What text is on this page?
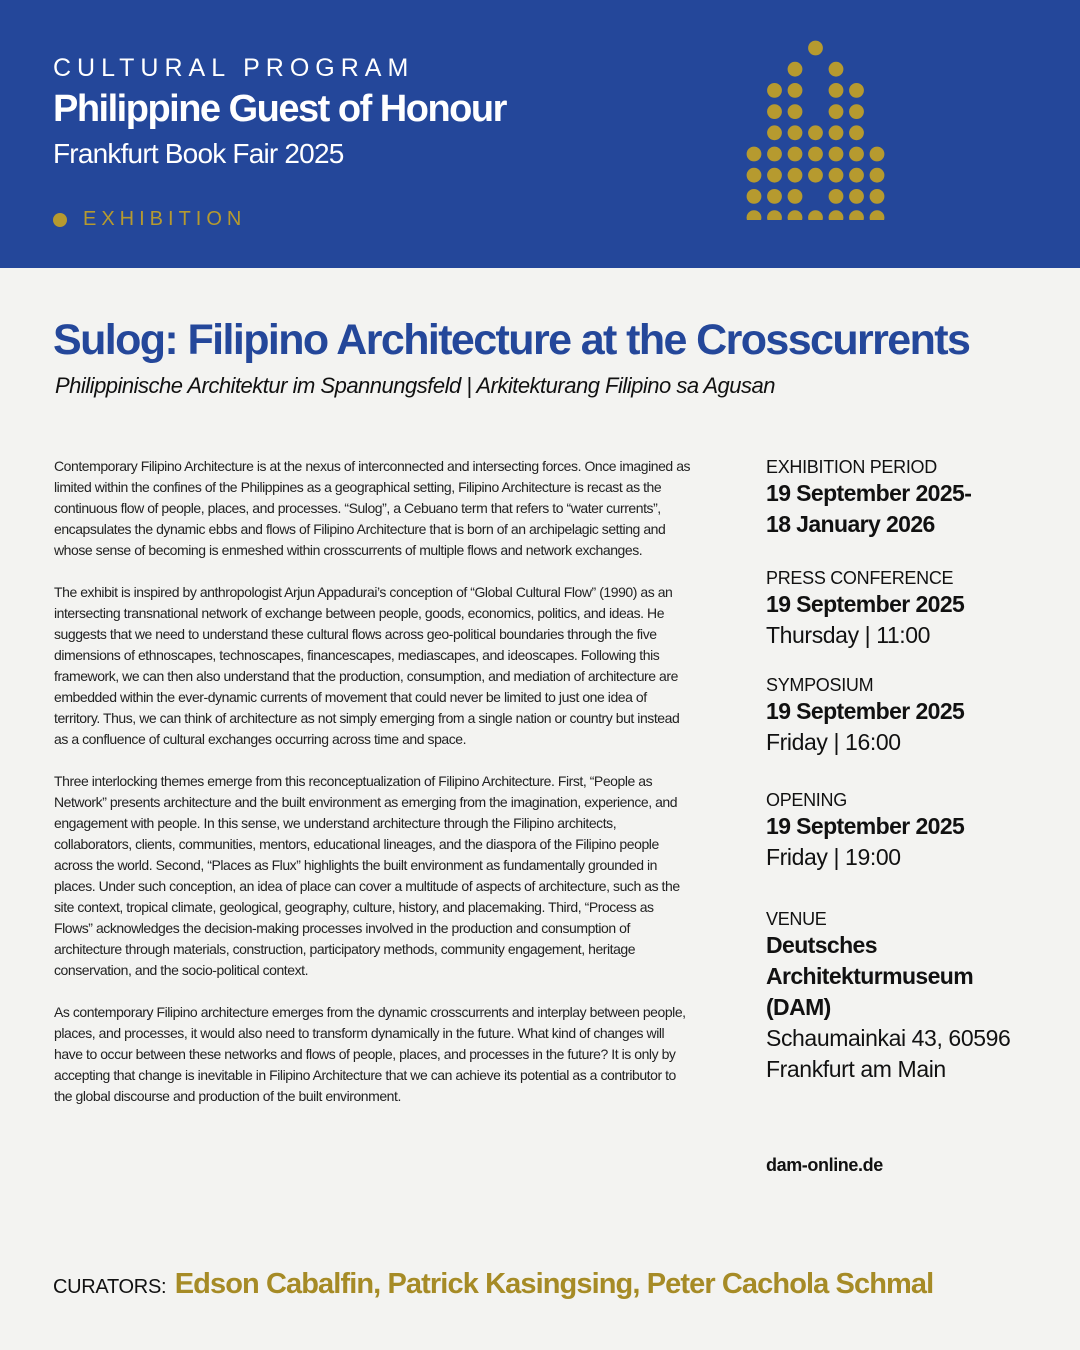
CULTURAL PROGRAM
Philippine Guest of Honour
Frankfurt Book Fair 2025
EXHIBITION
Sulog: Filipino Architecture at the Crosscurrents
Philippinische Architektur im Spannungsfeld | Arkitekturang Filipino sa Agusan

Contemporary Filipino Architecture is at the nexus of interconnected and intersecting forces. Once imagined as limited within the confines of the Philippines as a geographical setting, Filipino Architecture is recast as the continuous flow of people, places, and processes. “Sulog”, a Cebuano term that refers to “water currents”, encapsulates the dynamic ebbs and flows of Filipino Architecture that is born of an archipelagic setting and whose sense of becoming is enmeshed within crosscurrents of multiple flows and network exchanges.

The exhibit is inspired by anthropologist Arjun Appadurai’s conception of “Global Cultural Flow” (1990) as an intersecting transnational network of exchange between people, goods, economics, politics, and ideas. He suggests that we need to understand these cultural flows across geo-political boundaries through the five dimensions of ethnoscapes, technoscapes, financescapes, mediascapes, and ideoscapes. Following this framework, we can then also understand that the production, consumption, and mediation of architecture are embedded within the ever-dynamic currents of movement that could never be limited to just one idea of territory. Thus, we can think of architecture as not simply emerging from a single nation or country but instead as a confluence of cultural exchanges occurring across time and space.

Three interlocking themes emerge from this reconceptualization of Filipino Architecture. First, “People as Network” presents architecture and the built environment as emerging from the imagination, experience, and engagement with people. In this sense, we understand architecture through the Filipino architects, collaborators, clients, communities, mentors, educational lineages, and the diaspora of the Filipino people across the world. Second, “Places as Flux” highlights the built environment as fundamentally grounded in places. Under such conception, an idea of place can cover a multitude of aspects of architecture, such as the site context, tropical climate, geological, geography, culture, history, and placemaking. Third, “Process as Flows” acknowledges the decision-making processes involved in the production and consumption of architecture through materials, construction, participatory methods, community engagement, heritage conservation, and the socio-political context.

As contemporary Filipino architecture emerges from the dynamic crosscurrents and interplay between people, places, and processes, it would also need to transform dynamically in the future. What kind of changes will have to occur between these networks and flows of people, places, and processes in the future? It is only by accepting that change is inevitable in Filipino Architecture that we can achieve its potential as a contributor to the global discourse and production of the built environment.

EXHIBITION PERIOD
19 September 2025-
18 January 2026
PRESS CONFERENCE
19 September 2025
Thursday | 11:00
SYMPOSIUM
19 September 2025
Friday | 16:00
OPENING
19 September 2025
Friday | 19:00
VENUE
Deutsches
Architekturmuseum
(DAM)
Schaumainkai 43, 60596
Frankfurt am Main
dam-online.de
CURATORS: Edson Cabalfin, Patrick Kasingsing, Peter Cachola Schmal
